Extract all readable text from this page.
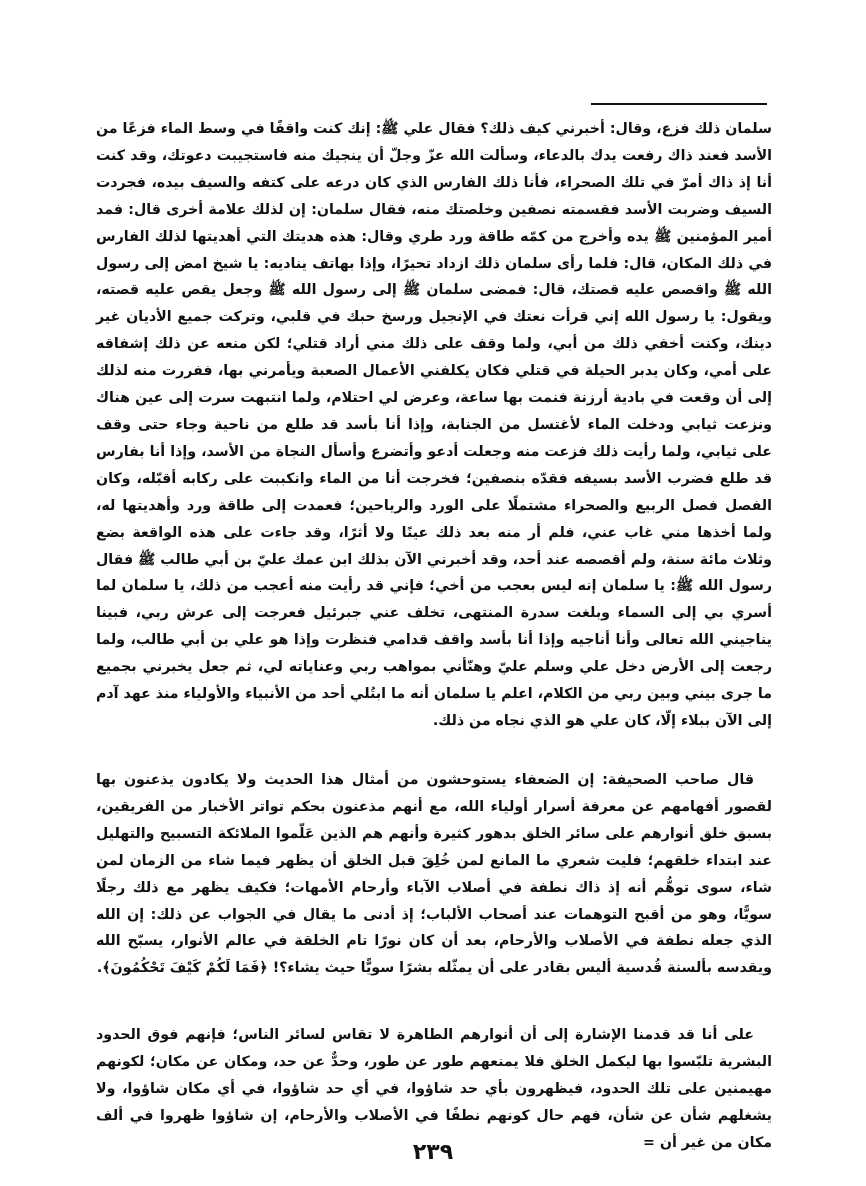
سلمان ذلك فزع، وقال: أخبرني كيف ذلك؟ فقال علي ﷺ: إنك كنت واقفًا في وسط الماء فزعًا من الأسد فعند ذاك رفعت يدك بالدعاء، وسألت الله عزّ وجلّ أن ينجيك منه فاستجيبت دعوتك، وقد كنت أنا إذ ذاك أمرّ في تلك الصحراء، فأنا ذلك الفارس الذي كان درعه على كتفه والسيف بيده، فجردت السيف وضربت الأسد فقسمته نصفين وخلصتك منه، فقال سلمان: إن لذلك علامة أخرى قال: فمد أمير المؤمنين ﷺ يده وأخرج من كمّه طاقة ورد طري وقال: هذه هديتك التي أهديتها لذلك الفارس في ذلك المكان، قال: فلما رأى سلمان ذلك ازداد تحيرًا، وإذا بهاتف يناديه: يا شيخ امض إلى رسول الله ﷺ واقصص عليه قصتك، قال: فمضى سلمان ﷺ إلى رسول الله ﷺ وجعل يقص عليه قصته، ويقول: يا رسول الله إني قرأت نعتك في الإنجيل ورسخ حبك في قلبي، وتركت جميع الأديان غير دينك، وكنت أخفي ذلك من أبي، ولما وقف على ذلك مني أراد قتلي؛ لكن منعه عن ذلك إشفاقه على أمي، وكان يدبر الحيلة في قتلي فكان يكلفني الأعمال الصعبة ويأمرني بها، ففررت منه لذلك إلى أن وقعت في بادية أرزنة فنمت بها ساعة، وعرض لي احتلام، ولما انتبهت سرت إلى عين هناك ونزعت ثيابي ودخلت الماء لأغتسل من الجنابة، وإذا أنا بأسد قد طلع من ناحية وجاء حتى وقف على ثيابي، ولما رأيت ذلك فزعت منه وجعلت أدعو وأتضرع وأسأل النجاة من الأسد، وإذا أنا بفارس قد طلع فضرب الأسد بسيفه فقدّه بنصفين؛ فخرجت أنا من الماء وانكببت على ركابه أقبّله، وكان الفصل فصل الربيع والصحراء مشتملًا على الورد والرياحين؛ فعمدت إلى طاقة ورد وأهديتها له، ولما أخذها مني غاب عني، فلم أر منه بعد ذلك عينًا ولا أثرًا، وقد جاءت على هذه الواقعة بضع وثلاث مائة سنة، ولم أقصصه عند أحد، وقد أخبرني الآن بذلك ابن عمك عليّ بن أبي طالب ﷺ فقال رسول الله ﷺ: يا سلمان إنه ليس بعجب من أخي؛ فإني قد رأيت منه أعجب من ذلك، يا سلمان لما أسري بي إلى السماء وبلغت سدرة المنتهى، تخلف عني جبرئيل فعرجت إلى عرش ربي، فبينا يناجيني الله تعالى وأنا أناجيه وإذا أنا بأسد واقف قدامي فنظرت وإذا هو علي بن أبي طالب، ولما رجعت إلى الأرض دخل علي وسلم عليّ وهنّأني بمواهب ربي وعناياته لي، ثم جعل يخبرني بجميع ما جرى بيني وبين ربي من الكلام، اعلم يا سلمان أنه ما ابتُلي أحد من الأنبياء والأولياء منذ عهد آدم إلى الآن ببلاء إلّا، كان علي هو الذي نجاه من ذلك.

قال صاحب الصحيفة: إن الضعفاء يستوحشون من أمثال هذا الحديث ولا يكادون يذعنون بها لقصور أفهامهم عن معرفة أسرار أولياء الله، مع أنهم مذعنون بحكم تواتر الأخبار من الفريقين، بسبق خلق أنوارهم على سائر الخلق بدهور كثيرة وأنهم هم الذين عَلّموا الملائكة التسبيح والتهليل عند ابتداء خلقهم؛ فليت شعري ما المانع لمن خُلِقَ قبل الخلق أن يظهر فيما شاء من الزمان لمن شاء، سوى توهُّم أنه إذ ذاك نطفة في أصلاب الآباء وأرحام الأمهات؛ فكيف يظهر مع ذلك رجلًا سويًّا، وهو من أقبح التوهمات عند أصحاب الألباب؛ إذ أدنى ما يقال في الجواب عن ذلك: إن الله الذي جعله نطفة في الأصلاب والأرحام، بعد أن كان نورًا تام الخلقة في عالم الأنوار، يسبّح الله ويقدسه بألسنة قُدسية أليس بقادر على أن يمثّله بشرًا سويًّا حيث يشاء؟! ﴿فَمَا لَكُمْ كَيْفَ تَحْكُمُونَ﴾.

على أنا قد قدمنا الإشارة إلى أن أنوارهم الطاهرة لا تقاس لسائر الناس؛ فإنهم فوق الحدود البشرية تلبّسوا بها ليكمل الخلق فلا يمنعهم طور عن طور، وحدٌّ عن حد، ومكان عن مكان؛ لكونهم مهيمنين على تلك الحدود، فيظهرون بأي حد شاؤوا، في أي حد شاؤوا، في أي مكان شاؤوا، ولا يشغلهم شأن عن شأن، فهم حال كونهم نطفًا في الأصلاب والأرحام، إن شاؤوا ظهروا في ألف مكان من غير أن =

٢٣٩
